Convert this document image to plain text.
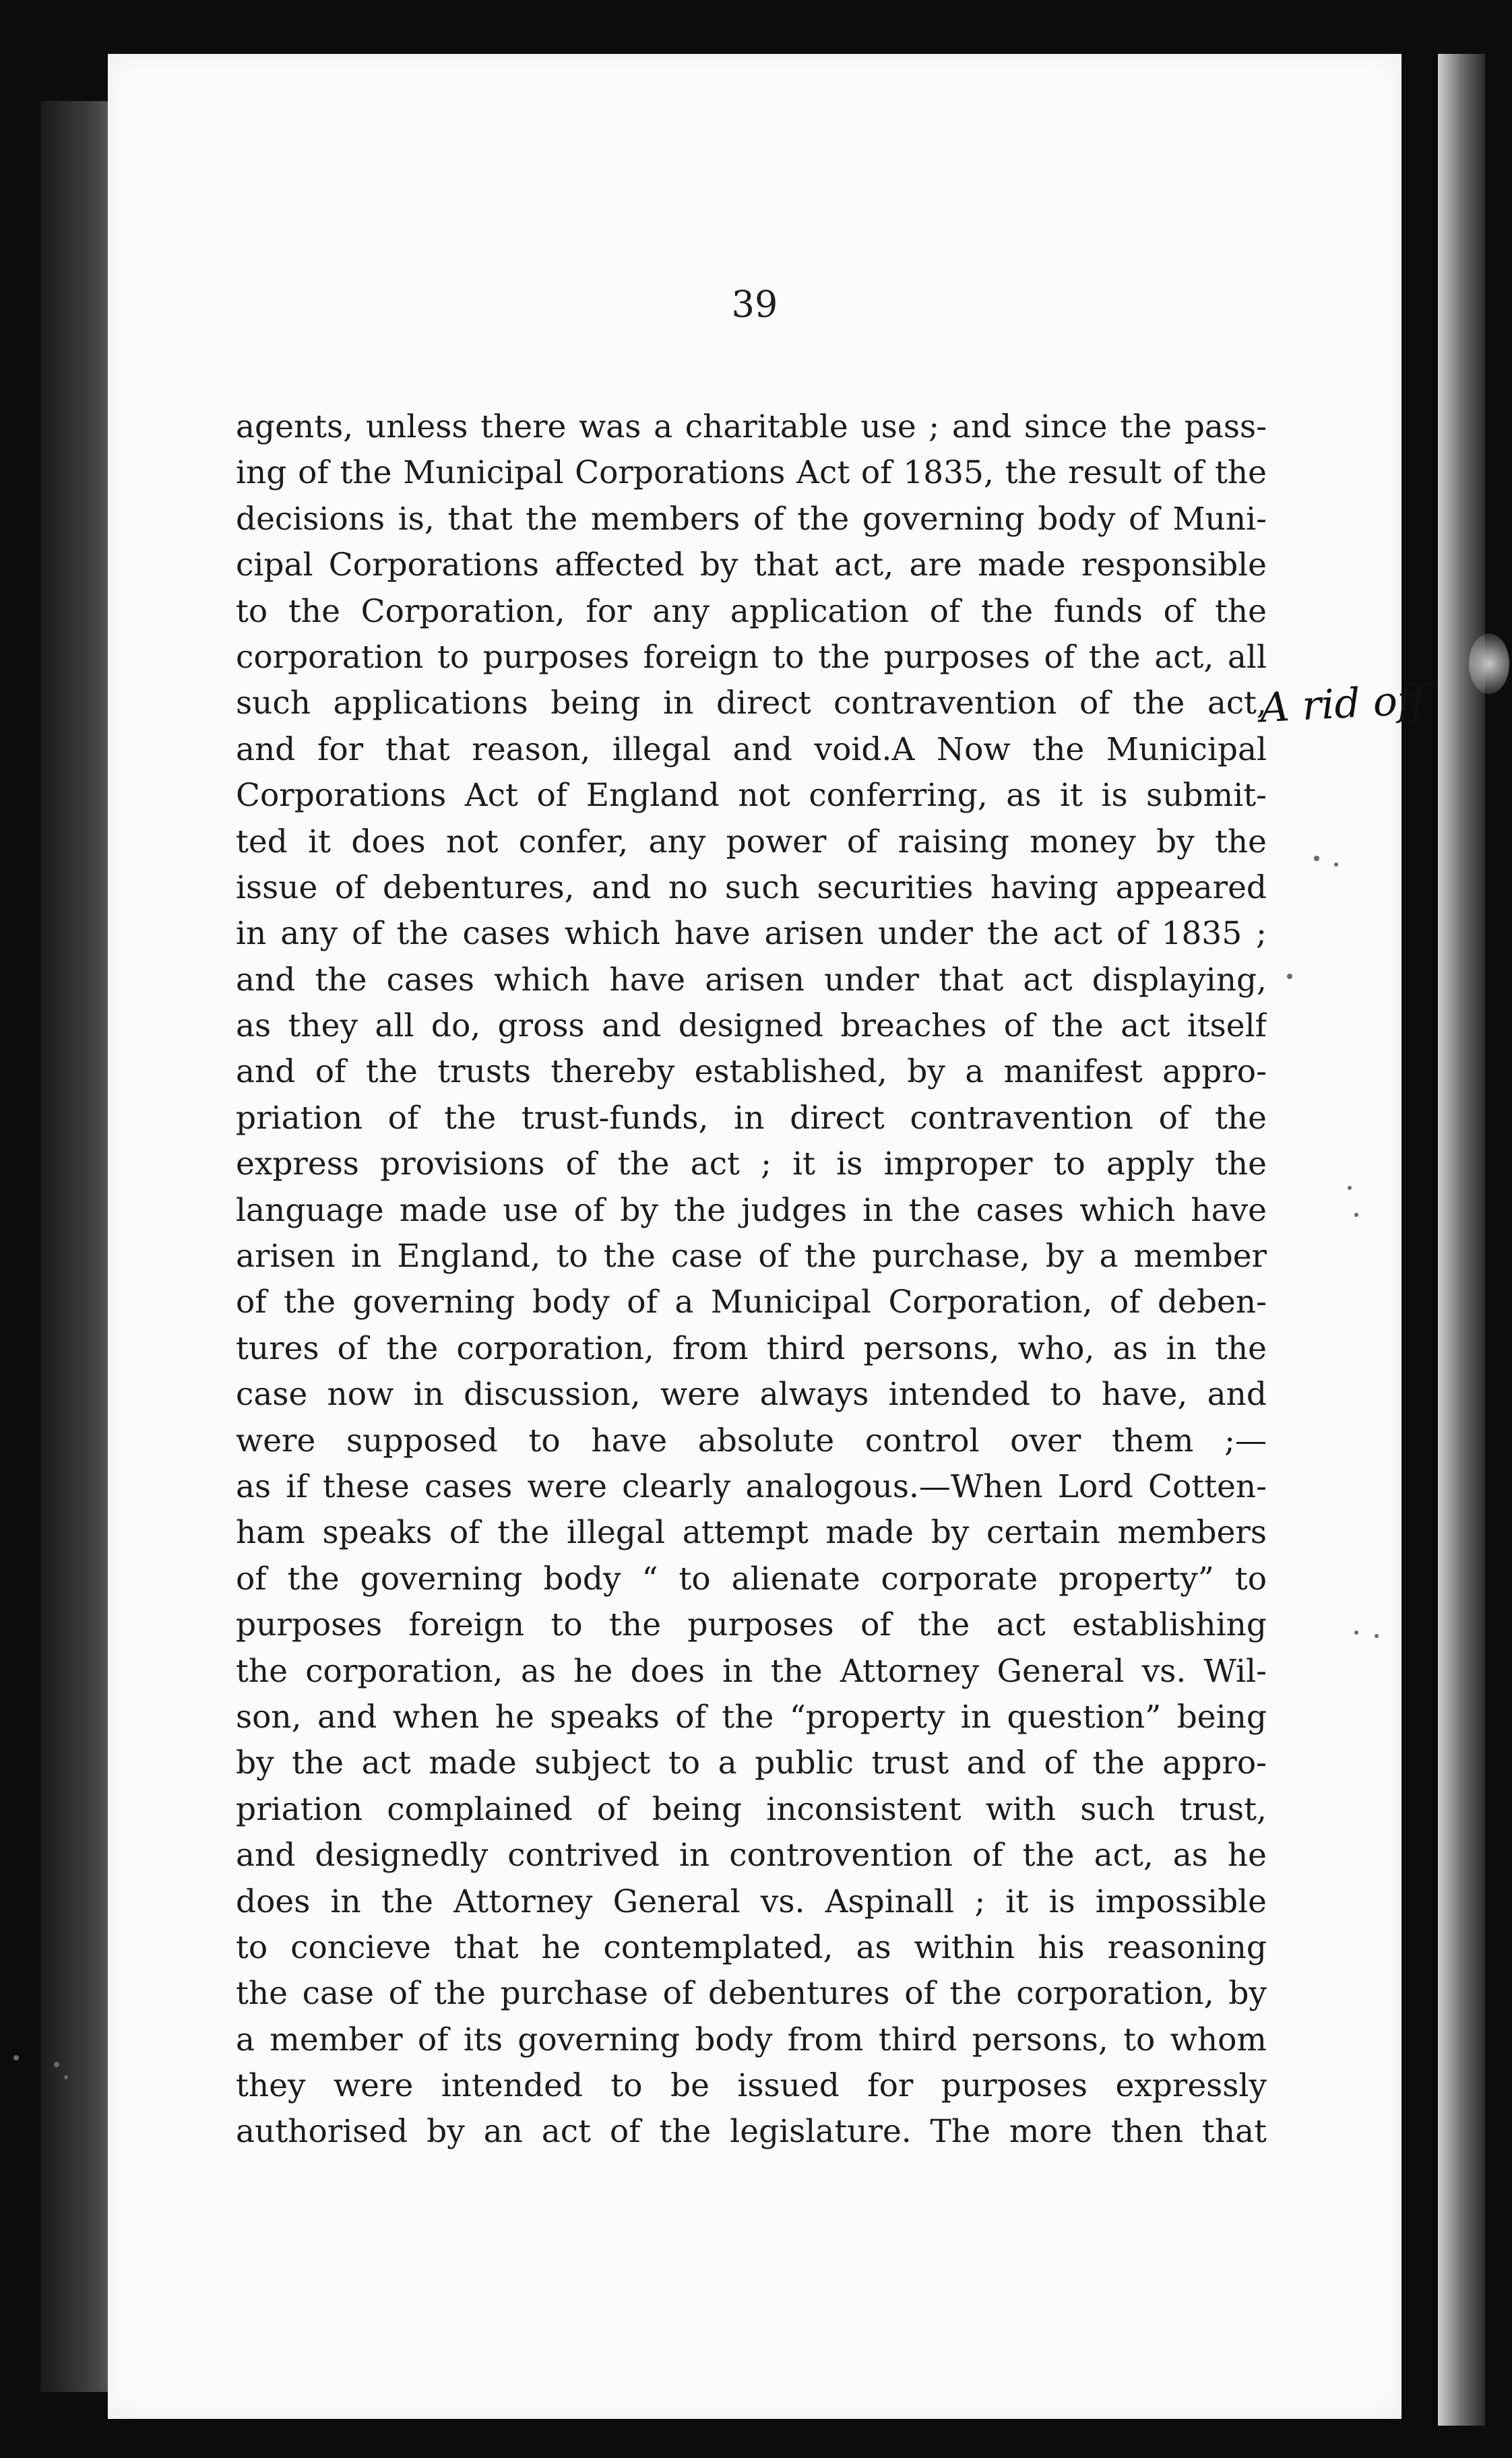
39
agents, unless there was a charitable use ; and since the pass-
ing of the Municipal Corporations Act of 1835, the result of the
decisions is, that the members of the governing body of Muni-
cipal Corporations affected by that act, are made responsible
to the Corporation, for any application of the funds of the
corporation to purposes foreign to the purposes of the act, all
such applications being in direct contravention of the act,
and for that reason, illegal and void.A Now the Municipal
Corporations Act of England not conferring, as it is submit-
ted it does not confer, any power of raising money by the
issue of debentures, and no such securities having appeared
in any of the cases which have arisen under the act of 1835 ;
and the cases which have arisen under that act displaying,
as they all do, gross and designed breaches of the act itself
and of the trusts thereby established, by a manifest appro-
priation of the trust-funds, in direct contravention of the
express provisions of the act ; it is improper to apply the
language made use of by the judges in the cases which have
arisen in England, to the case of the purchase, by a member
of the governing body of a Municipal Corporation, of deben-
tures of the corporation, from third persons, who, as in the
case now in discussion, were always intended to have, and
were supposed to have absolute control over them ;—
as if these cases were clearly analogous.—When Lord Cotten-
ham speaks of the illegal attempt made by certain members
of the governing body “ to alienate corporate property” to
purposes foreign to the purposes of the act establishing
the corporation, as he does in the Attorney General vs. Wil-
son, and when he speaks of the “property in question” being
by the act made subject to a public trust and of the appro-
priation complained of being inconsistent with such trust,
and designedly contrived in controvention of the act, as he
does in the Attorney General vs. Aspinall ; it is impossible
to concieve that he contemplated, as within his reasoning
the case of the purchase of debentures of the corporation, by
a member of its governing body from third persons, to whom
they were intended to be issued for purposes expressly
authorised by an act of the legislature. The more then that
A rid off
